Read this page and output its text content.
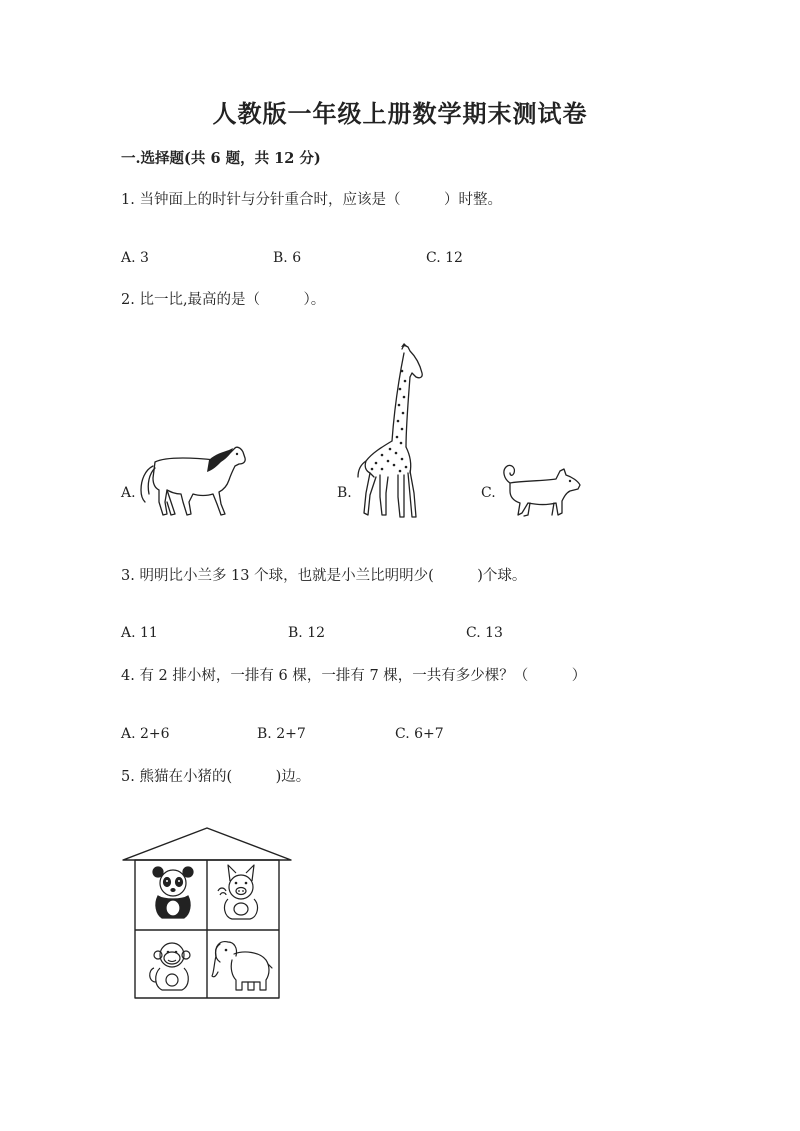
人教版一年级上册数学期末测试卷
一.选择题(共 6 题，共 12 分)
1. 当钟面上的时针与分针重合时，应该是（　　　）时整。
A. 3	B. 6	C. 12
2. 比一比,最高的是（　　　）。
A.	B.	C.
3. 明明比小兰多 13 个球，也就是小兰比明明少(　　　)个球。
A. 11	B. 12	C. 13
4. 有 2 排小树，一排有 6 棵，一排有 7 棵，一共有多少棵？（　　　）
A. 2+6	B. 2+7	C. 6+7
5. 熊猫在小猪的(　　　)边。
